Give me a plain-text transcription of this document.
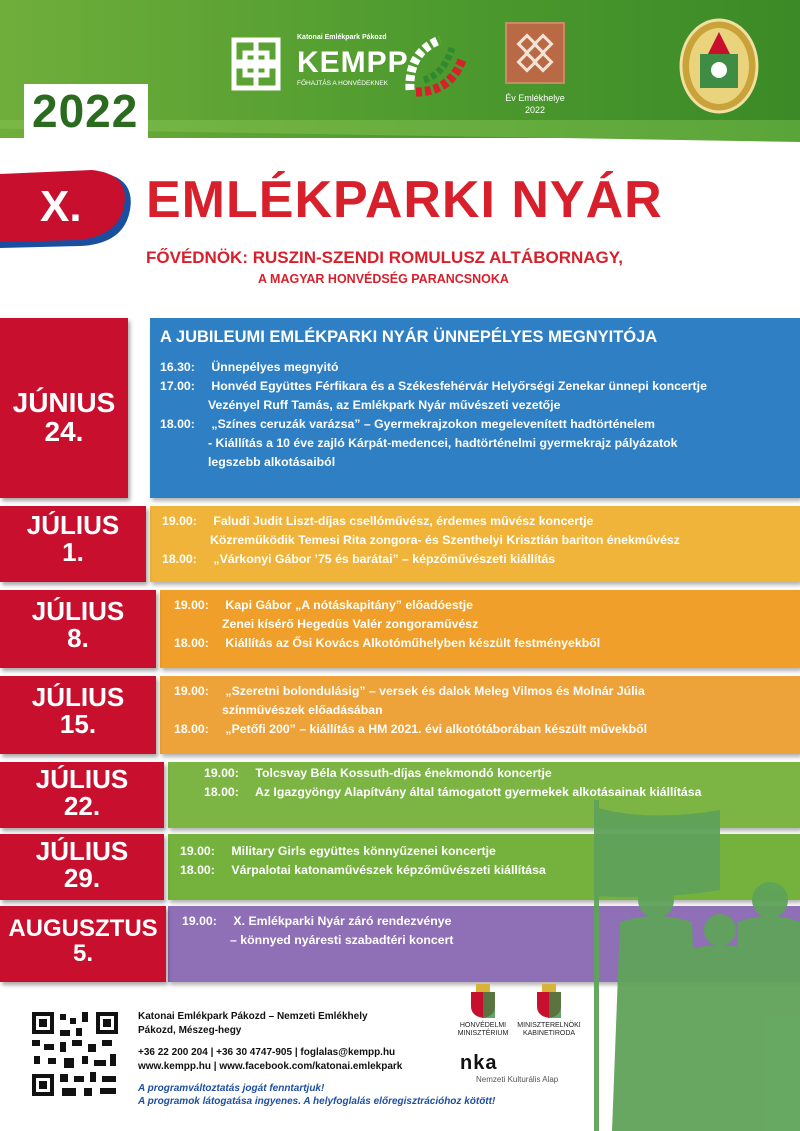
2022
Katonai Emlékpark Pákozd
KEMPP
FŐHAJTÁS A HONVÉDEKNEK
Év Emlékhelye
2022
X. EMLÉKPARKI NYÁR
FŐVÉDNÖK: RUSZIN-SZENDI ROMULUSZ ALTÁBORNAGY,
A MAGYAR HONVÉDSÉG PARANCSNOKA
A JUBILEUMI EMLÉKPARKI NYÁR ÜNNEPÉLYES MEGNYITÓJA
16.30: Ünnepélyes megnyitó
17.00: Honvéd Együttes Férfikara és a Székesfehérvár Helyőrségi Zenekar ünnepi koncertje
Vezényel Ruff Tamás, az Emlékpark Nyár művészeti vezetője
18.00: „Színes ceruzák varázsa” – Gyermekrajzokon megelevenített hadtörténelem
- Kiállítás a 10 éve zajló Kárpát-medencei, hadtörténelmi gyermekrajz pályázatok
legszebb alkotásaiból
JÚNIUS
24.
19.00: Faludi Judit Liszt-díjas csellóművész, érdemes művész koncertje
Közreműködik Temesi Rita zongora- és Szenthelyi Krisztián bariton énekművész
18.00: „Várkonyi Gábor ’75 és barátai” – képzőművészeti kiállítás
JÚLIUS
1.
19.00: Kapi Gábor „A nótáskapitány” előadóestje
Zenei kísérő Hegedűs Valér zongoraművész
18.00: Kiállítás az Ősi Kovács Alkotóműhelyben készült festményekből
JÚLIUS
8.
19.00: „Szeretni bolondulásig” – versek és dalok Meleg Vilmos és Molnár Júlia
színművészek előadásában
18.00: „Petőfi 200” – kiállítás a HM 2021. évi alkotótáborában készült művekből
JÚLIUS
15.
19.00: Tolcsvay Béla Kossuth-díjas énekmondó koncertje
18.00: Az Igazgyöngy Alapítvány által támogatott gyermekek alkotásainak kiállítása
JÚLIUS
22.
19.00: Military Girls együttes könnyűzenei koncertje
18.00: Várpalotai katonaművészek képzőművészeti kiállítása
JÚLIUS
29.
19.00: X. Emlékparki Nyár záró rendezvénye
– könnyed nyáresti szabadtéri koncert
AUGUSZTUS
5.
Katonai Emlékpark Pákozd – Nemzeti Emlékhely
Pákozd, Mészeg-hegy
+36 22 200 204 | +36 30 4747-905 | foglalas@kempp.hu
www.kempp.hu | www.facebook.com/katonai.emlekpark
A programváltoztatás jogát fenntartjuk!
A programok látogatása ingyenes. A helyfoglalás előregisztrációhoz kötött!
HONVÉDELMI
MINISZTÉRIUM
MINISZTERELNÖKI
KABINETIRODA
nka
Nemzeti Kulturális Alap
